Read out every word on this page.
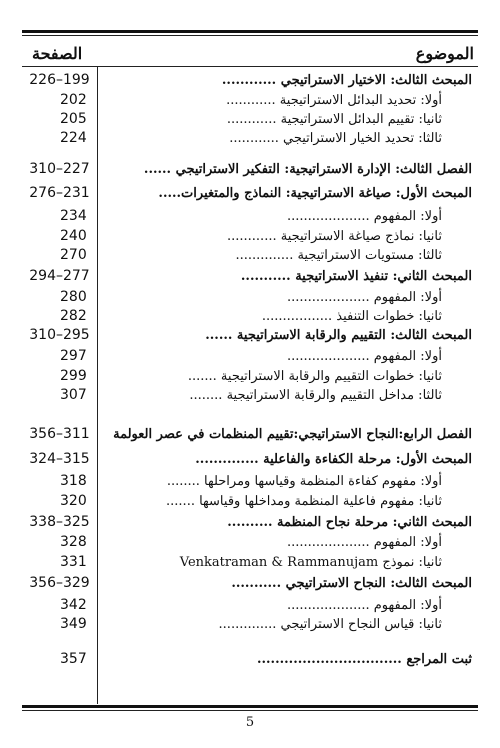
الموضوع
الصفحة
226–199	المبحث الثالث: الاختيار الاستراتيجي ............
202	أولا: تحديد البدائل الاستراتيجية ............
205	ثانيا: تقييم البدائل الاستراتيجية ............
224	ثالثا: تحديد الخيار الاستراتيجي ............
310–227	الفصل الثالث: الإدارة الاستراتيجية: التفكير الاستراتيجي ......
276–231	المبحث الأول: صياغة الاستراتيجية: النماذج والمتغيرات.....
234	أولا: المفهوم ....................
240	ثانيا: نماذج صياغة الاستراتيجية ............
270	ثالثا: مستويات الاستراتيجية ..............
294–277	المبحث الثاني: تنفيذ الاستراتيجية ...........
280	أولا: المفهوم ....................
282	ثانيا: خطوات التنفيذ .................
310–295	المبحث الثالث: التقييم والرقابة الاستراتيجية ......
297	أولا: المفهوم ....................
299	ثانيا: خطوات التقييم والرقابة الاستراتيجية .......
307	ثالثا: مداخل التقييم والرقابة الاستراتيجية ........
356–311	الفصل الرابع:النجاح الاستراتيجي:تقييم المنظمات في عصر العولمة
324–315	المبحث الأول: مرحلة الكفاءة والفاعلية ..............
318	أولا: مفهوم كفاءة المنظمة وقياسها ومراحلها ........
320	ثانيا: مفهوم فاعلية المنظمة ومداخلها وقياسها .......
338–325	المبحث الثاني: مرحلة نجاح المنظمة ..........
328	أولا: المفهوم ....................
331	ثانيا: نموذج Venkatraman & Rammanujam
356–329	المبحث الثالث: النجاح الاستراتيجي ...........
342	أولا: المفهوم ....................
349	ثانيا: قياس النجاح الاستراتيجي ..............
357	ثبت المراجع ................................
5
